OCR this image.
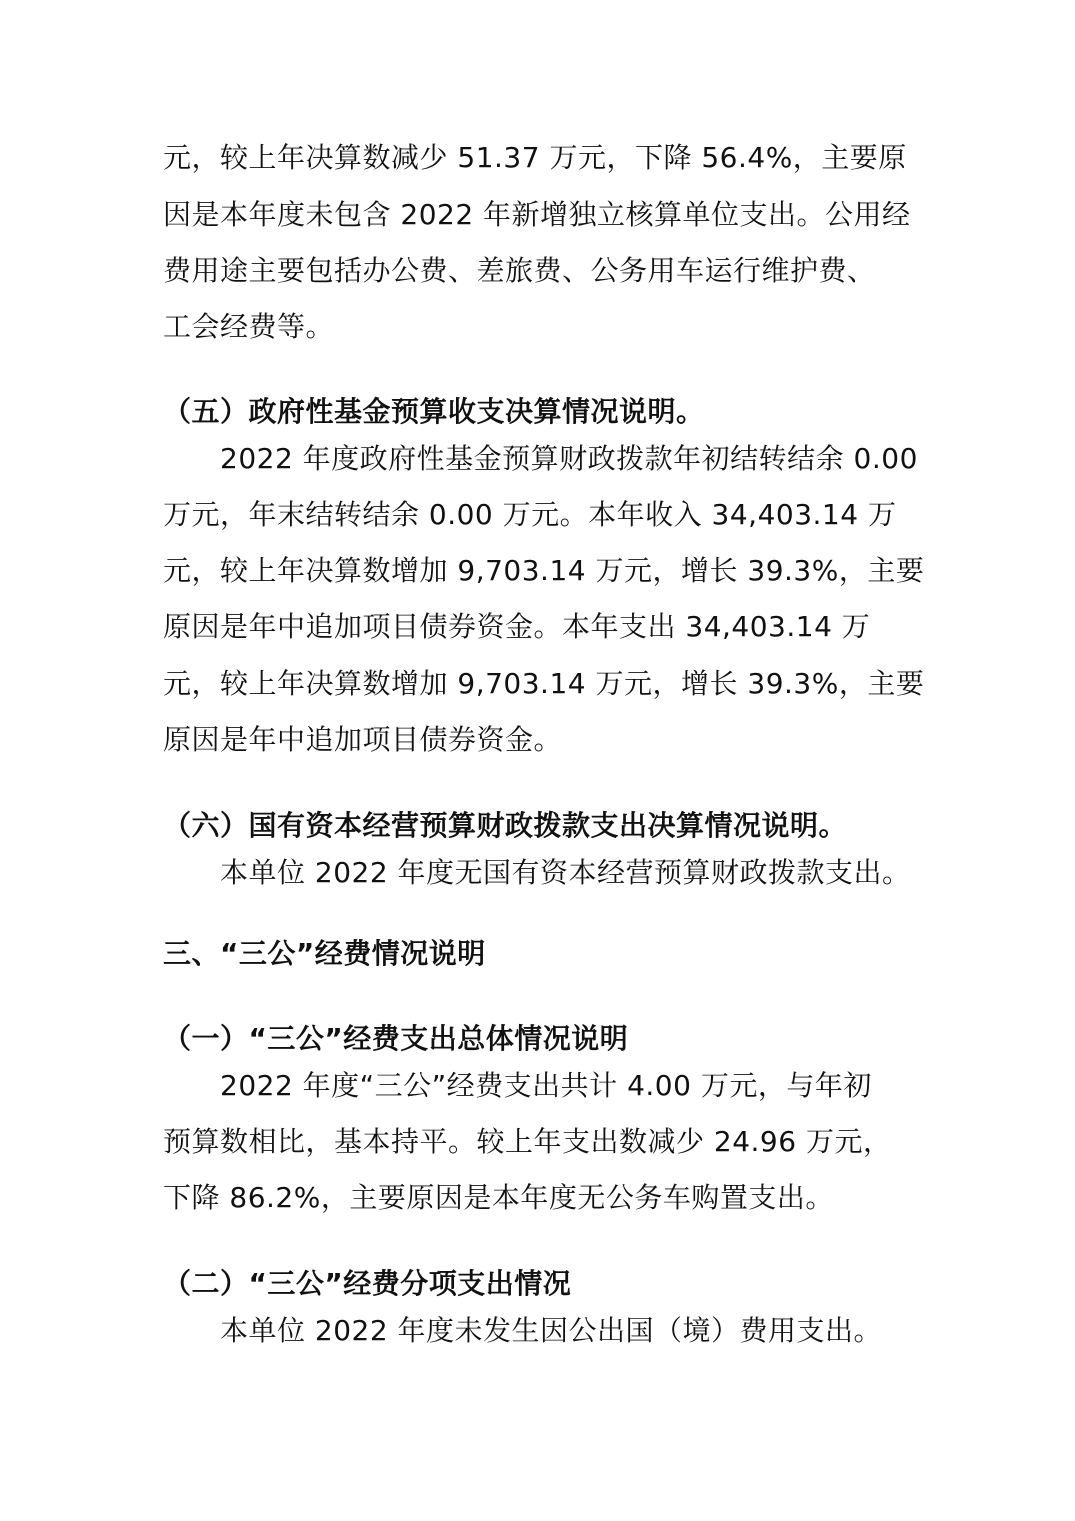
元，较上年决算数减少 51.37 万元，下降 56.4%，主要原
因是本年度未包含 2022 年新增独立核算单位支出。公用经
费用途主要包括办公费、差旅费、公务用车运行维护费、
工会经费等。
（五）政府性基金预算收支决算情况说明。
2022 年度政府性基金预算财政拨款年初结转结余 0.00
万元，年末结转结余 0.00 万元。本年收入 34,403.14 万
元，较上年决算数增加 9,703.14 万元，增长 39.3%，主要
原因是年中追加项目债券资金。本年支出 34,403.14 万
元，较上年决算数增加 9,703.14 万元，增长 39.3%，主要
原因是年中追加项目债券资金。
（六）国有资本经营预算财政拨款支出决算情况说明。
本单位 2022 年度无国有资本经营预算财政拨款支出。
三、“三公”经费情况说明
（一）“三公”经费支出总体情况说明
2022 年度“三公”经费支出共计 4.00 万元，与年初
预算数相比，基本持平。较上年支出数减少 24.96 万元，
下降 86.2%，主要原因是本年度无公务车购置支出。
（二）“三公”经费分项支出情况
本单位 2022 年度未发生因公出国（境）费用支出。
